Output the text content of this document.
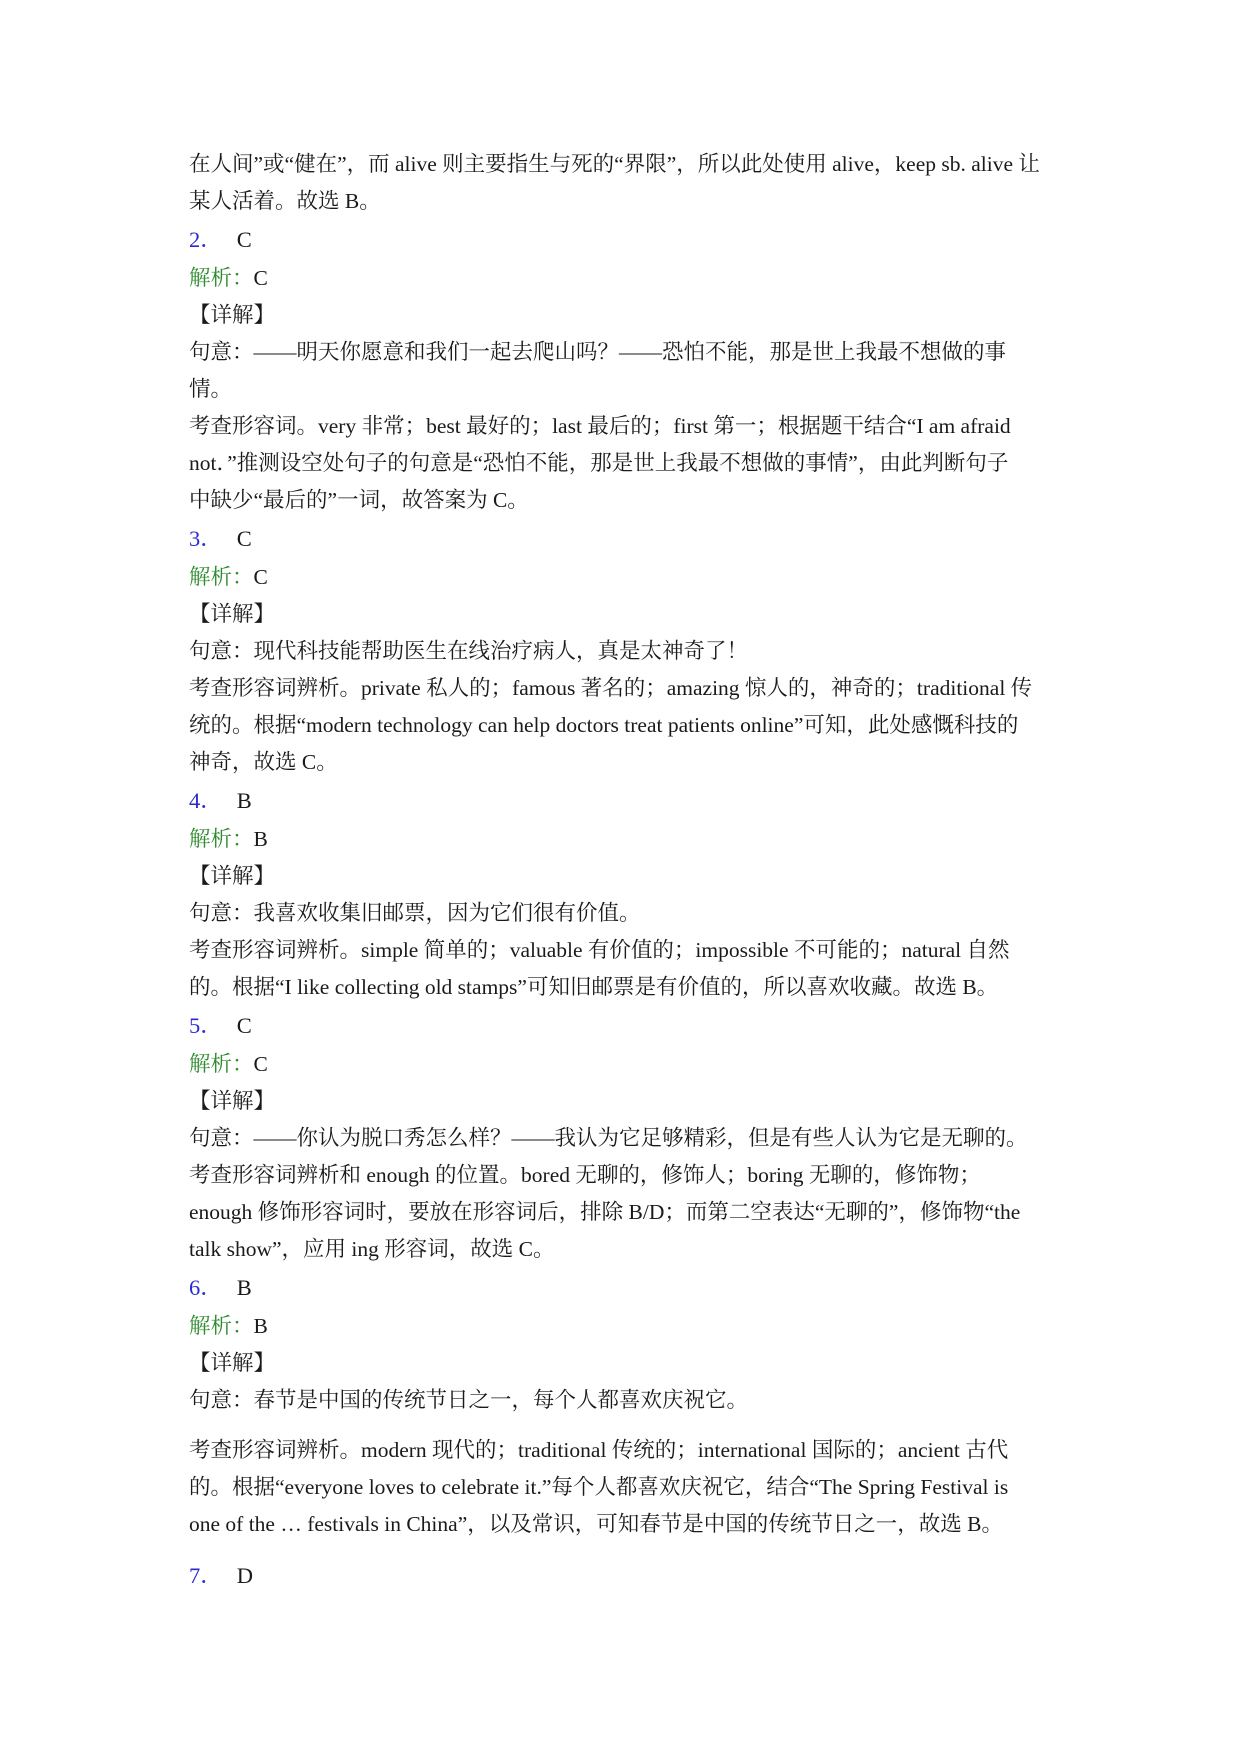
在人间”或“健在”，而 alive 则主要指生与死的“界限”，所以此处使用 alive，keep sb. alive 让

某人活着。故选 B。

2． C

解析：C

【详解】

句意：——明天你愿意和我们一起去爬山吗？——恐怕不能，那是世上我最不想做的事

情。

考查形容词。very 非常；best 最好的；last 最后的；first 第一；根据题干结合“I am afraid

not．”推测设空处句子的句意是“恐怕不能，那是世上我最不想做的事情”，由此判断句子

中缺少“最后的”一词，故答案为 C。

3． C

解析：C

【详解】

句意：现代科技能帮助医生在线治疗病人，真是太神奇了！

考查形容词辨析。private 私人的；famous 著名的；amazing 惊人的，神奇的；traditional 传

统的。根据“modern technology can help doctors treat patients online”可知，此处感慨科技的

神奇，故选 C。

4． B

解析：B

【详解】

句意：我喜欢收集旧邮票，因为它们很有价值。

考查形容词辨析。simple 简单的；valuable 有价值的；impossible 不可能的；natural 自然

的。根据“I like collecting old stamps”可知旧邮票是有价值的，所以喜欢收藏。故选 B。

5． C

解析：C

【详解】

句意：——你认为脱口秀怎么样？——我认为它足够精彩，但是有些人认为它是无聊的。

考查形容词辨析和 enough 的位置。bored 无聊的，修饰人；boring 无聊的，修饰物；

enough 修饰形容词时，要放在形容词后，排除 B/D；而第二空表达“无聊的”，修饰物“the

talk show”，应用 ing 形容词，故选 C。

6． B

解析：B

【详解】

句意：春节是中国的传统节日之一，每个人都喜欢庆祝它。

考查形容词辨析。modern 现代的；traditional 传统的；international 国际的；ancient 古代

的。根据“everyone loves to celebrate it.”每个人都喜欢庆祝它，结合“The Spring Festival is

one of the … festivals in China”，以及常识，可知春节是中国的传统节日之一，故选 B。

7． D
